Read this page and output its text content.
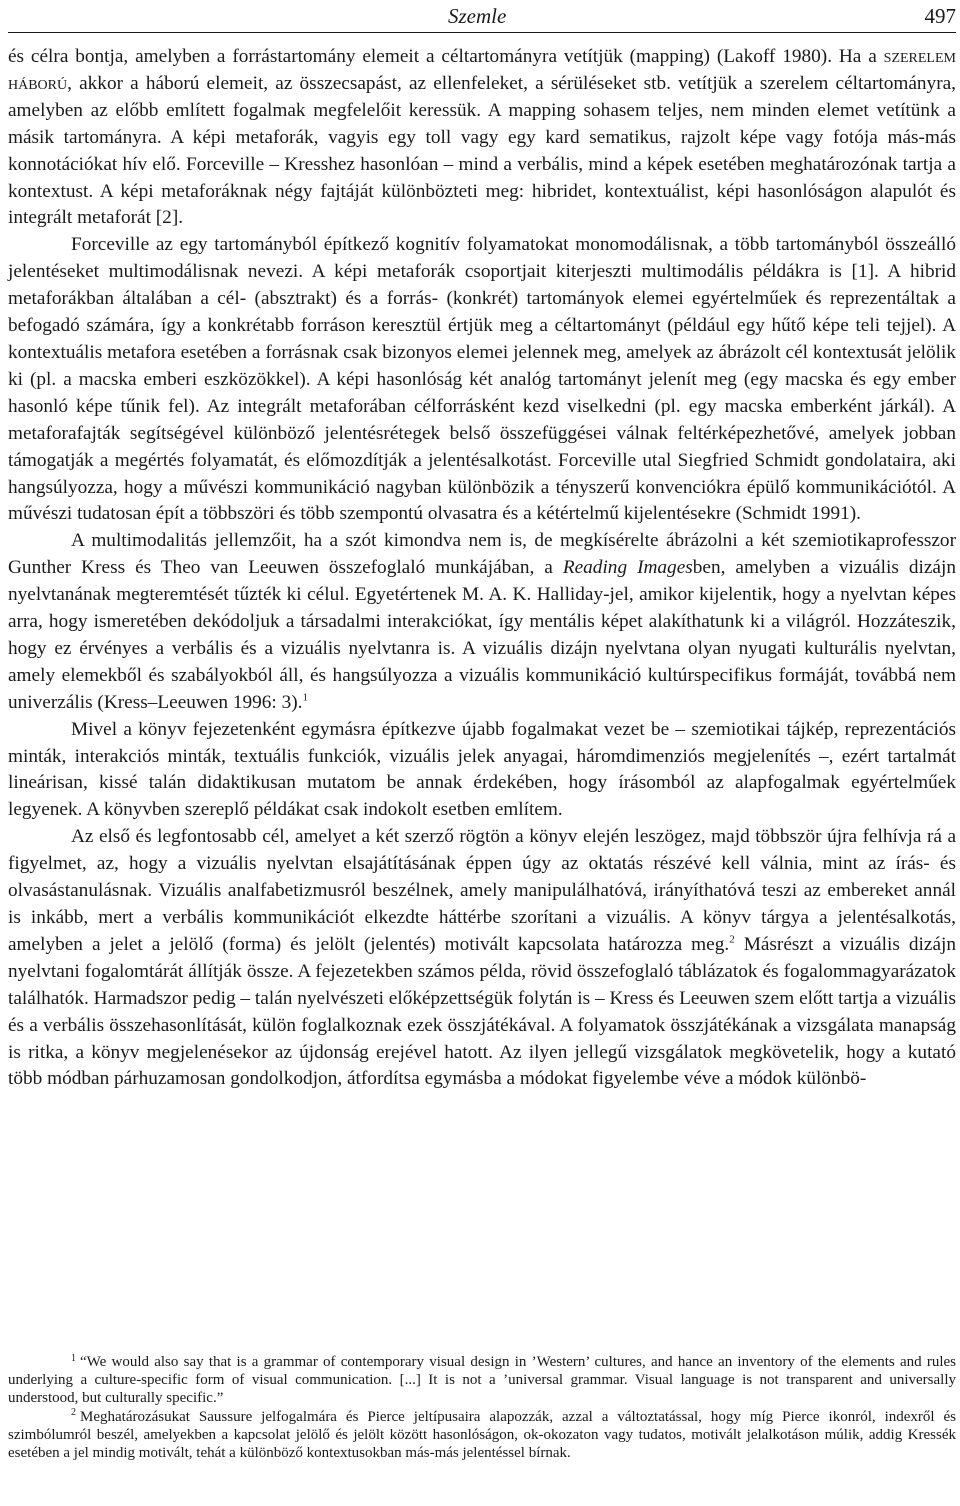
Szemle	497

és célra bontja, amelyben a forrástartomány elemeit a céltartományra vetítjük (mapping) (Lakoff 1980). Ha a szerelem háború, akkor a háború elemeit, az összecsapást, az ellenfeleket, a sérüléseket stb. vetítjük a szerelem céltartományra, amelyben az előbb említett fogalmak megfelelőit keressük. A mapping sohasem teljes, nem minden elemet vetítünk a másik tartományra. A képi metaforák, vagyis egy toll vagy egy kard sematikus, rajzolt képe vagy fotója más-más konnotációkat hív elő. Forceville – Kresshez hasonlóan – mind a verbális, mind a képek esetében meghatározónak tartja a kontextust. A képi metaforáknak négy fajtáját különbözteti meg: hibridet, kontextuálist, képi hasonlóságon alapulót és integrált metaforát [2].

Forceville az egy tartományból építkező kognitív folyamatokat monomodálisnak, a több tartományból összeálló jelentéseket multimodálisnak nevezi. A képi metaforák csoportjait kiterjeszti multimodális példákra is [1]. A hibrid metaforákban általában a cél- (absztrakt) és a forrás- (konkrét) tartományok elemei egyértelműek és reprezentáltak a befogadó számára, így a konkrétabb forráson keresztül értjük meg a céltartományt (például egy hűtő képe teli tejjel). A kontextuális metafora esetében a forrásnak csak bizonyos elemei jelennek meg, amelyek az ábrázolt cél kontextusát jelölik ki (pl. a macska emberi eszközökkel). A képi hasonlóság két analóg tartományt jelenít meg (egy macska és egy ember hasonló képe tűnik fel). Az integrált metaforában célforrásként kezd viselkedni (pl. egy macska emberként járkál). A metaforafajták segítségével különböző jelentésrétegek belső összefüggései válnak feltérképezhetővé, amelyek jobban támogatják a megértés folyamatát, és előmozdítják a jelentésalkotást. Forceville utal Siegfried Schmidt gondolataira, aki hangsúlyozza, hogy a művészi kommunikáció nagyban különbözik a tényszerű konvenciókra épülő kommunikációtól. A művészi tudatosan épít a többszöri és több szempontú olvasatra és a kétértelmű kijelentésekre (Schmidt 1991).

A multimodalitás jellemzőit, ha a szót kimondva nem is, de megkísérelte ábrázolni a két szemiotikaprofesszor Gunther Kress és Theo van Leeuwen összefoglaló munkájában, a Reading Imagesben, amelyben a vizuális dizájn nyelvtanának megteremtését tűzték ki célul. Egyetértenek M. A. K. Halliday-jel, amikor kijelentik, hogy a nyelvtan képes arra, hogy ismeretében dekódoljuk a társadalmi interakciókat, így mentális képet alakíthatunk ki a világról. Hozzáteszik, hogy ez érvényes a verbális és a vizuális nyelvtanra is. A vizuális dizájn nyelvtana olyan nyugati kulturális nyelvtan, amely elemekből és szabályokból áll, és hangsúlyozza a vizuális kommunikáció kultúrspecifikus formáját, továbbá nem univerzális (Kress–Leeuwen 1996: 3).$^1$

Mivel a könyv fejezetenként egymásra építkezve újabb fogalmakat vezet be – szemiotikai tájkép, reprezentációs minták, interakciós minták, textuális funkciók, vizuális jelek anyagai, háromdimenziós megjelenítés –, ezért tartalmát lineárisan, kissé talán didaktikusan mutatom be annak érdekében, hogy írásomból az alapfogalmak egyértelműek legyenek. A könyvben szereplő példákat csak indokolt esetben említem.

Az első és legfontosabb cél, amelyet a két szerző rögtön a könyv elején leszögez, majd többször újra felhívja rá a figyelmet, az, hogy a vizuális nyelvtan elsajátításának éppen úgy az oktatás részévé kell válnia, mint az írás- és olvasástanulásnak. Vizuális analfabetizmusról beszélnek, amely manipulálhatóvá, irányíthatóvá teszi az embereket annál is inkább, mert a verbális kommunikációt elkezdte háttérbe szorítani a vizuális. A könyv tárgya a jelentésalkotás, amelyben a jelet a jelölő (forma) és jelölt (jelentés) motivált kapcsolata határozza meg.$^2$ Másrészt a vizuális dizájn nyelvtani fogalomtárát állítják össze. A fejezetekben számos példa, rövid összefoglaló táblázatok és fogalommagyarázatok találhatók. Harmadszor pedig – talán nyelvészeti előképzettségük folytán is – Kress és Leeuwen szem előtt tartja a vizuális és a verbális összehasonlítását, külön foglalkoznak ezek összjátékával. A folyamatok összjátékának a vizsgálata manapság is ritka, a könyv megjelenésekor az újdonság erejével hatott. Az ilyen jellegű vizsgálatok megkövetelik, hogy a kutató több módban párhuzamosan gondolkodjon, átfordítsa egymásba a módokat figyelembe véve a módok különbö-

$^1$ “We would also say that is a grammar of contemporary visual design in ’Western’ cultures, and hance an inventory of the elements and rules underlying a culture-specific form of visual communication. [...] It is not a ’universal grammar. Visual language is not transparent and universally understood, but culturally specific.”

$^2$ Meghatározásukat Saussure jelfogalmára és Pierce jeltípusaira alapozzák, azzal a változtatással, hogy míg Pierce ikonról, indexről és szimbólumról beszél, amelyekben a kapcsolat jelölő és jelölt között hasonlóságon, ok-okozaton vagy tudatos, motivált jelalkotáson múlik, addig Kressék esetében a jel mindig motivált, tehát a különböző kontextusokban más-más jelentéssel bírnak.
